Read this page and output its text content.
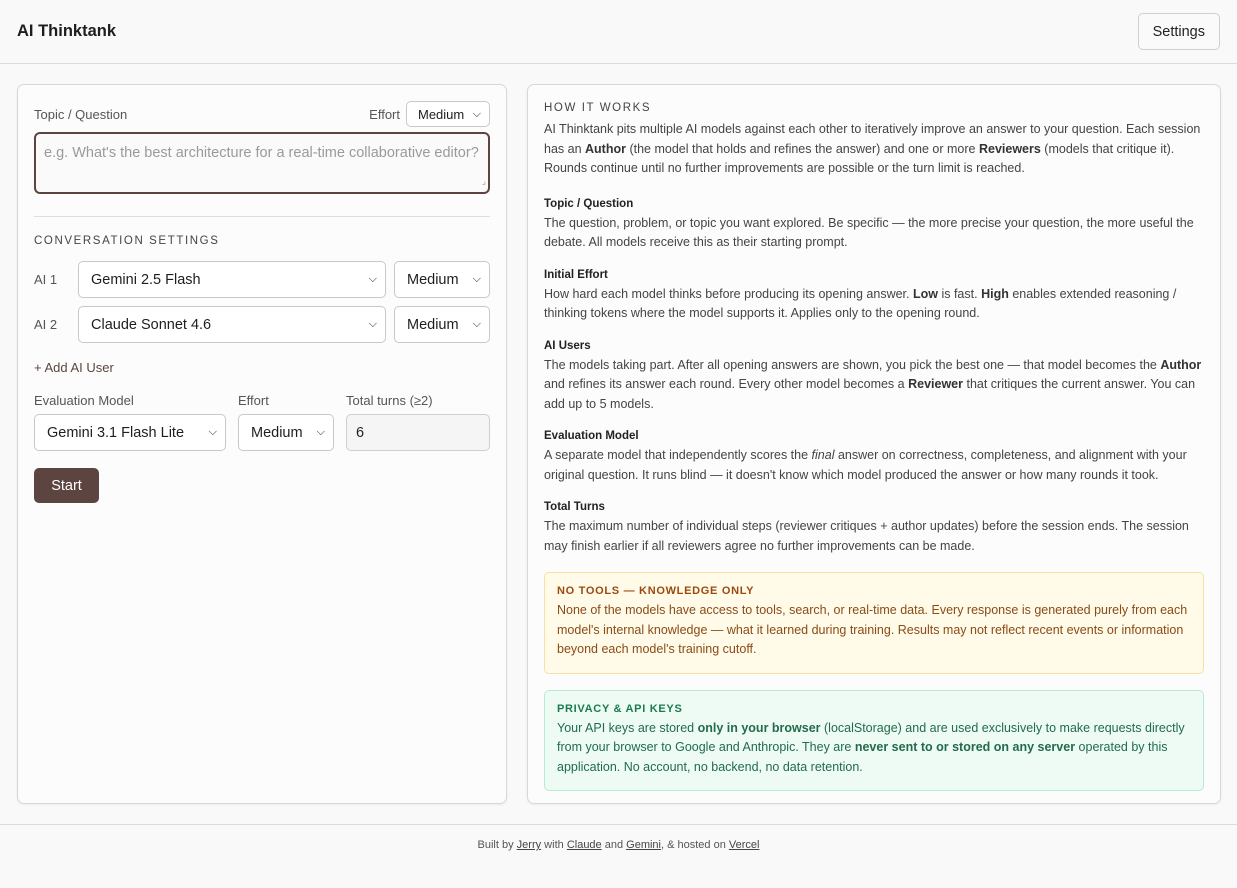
AI Thinktank	Settings
Topic / Question	Effort Medium ⌵
e.g. What's the best architecture for a real-time collaborative editor?
⌟
CONVERSATION SETTINGS
AI 1	Gemini 2.5 Flash	⌵ Medium ⌵
AI 2	Claude Sonnet 4.6	⌵ Medium ⌵
+ Add AI User
Evaluation Model
Gemini 3.1 Flash Lite ⌵
Effort
Medium ⌵
Total turns (≥2)
6
Start
HOW IT WORKS

AI Thinktank pits multiple AI models against each other to iteratively improve an answer to your question. Each session has an Author (the model that holds and refines the answer) and one or more Reviewers (models that critique it). Rounds continue until no further improvements are possible or the turn limit is reached.

Topic / Question

The question, problem, or topic you want explored. Be specific — the more precise your question, the more useful the debate. All models receive this as their starting prompt.

Initial Effort

How hard each model thinks before producing its opening answer. Low is fast. High enables extended reasoning / thinking tokens where the model supports it. Applies only to the opening round.

AI Users

The models taking part. After all opening answers are shown, you pick the best one — that model becomes the Author and refines its answer each round. Every other model becomes a Reviewer that critiques the current answer. You can add up to 5 models.

Evaluation Model

A separate model that independently scores the final answer on correctness, completeness, and alignment with your original question. It runs blind — it doesn't know which model produced the answer or how many rounds it took.

Total Turns

The maximum number of individual steps (reviewer critiques + author updates) before the session ends. The session may finish earlier if all reviewers agree no further improvements can be made.

NO TOOLS — KNOWLEDGE ONLY

None of the models have access to tools, search, or real-time data. Every response is generated purely from each model's internal knowledge — what it learned during training. Results may not reflect recent events or information beyond each model's training cutoff.

PRIVACY & API KEYS

Your API keys are stored only in your browser (localStorage) and are used exclusively to make requests directly from your browser to Google and Anthropic. They are never sent to or stored on any server operated by this application. No account, no backend, no data retention.

Built by Jerry with Claude and Gemini, & hosted on Vercel
